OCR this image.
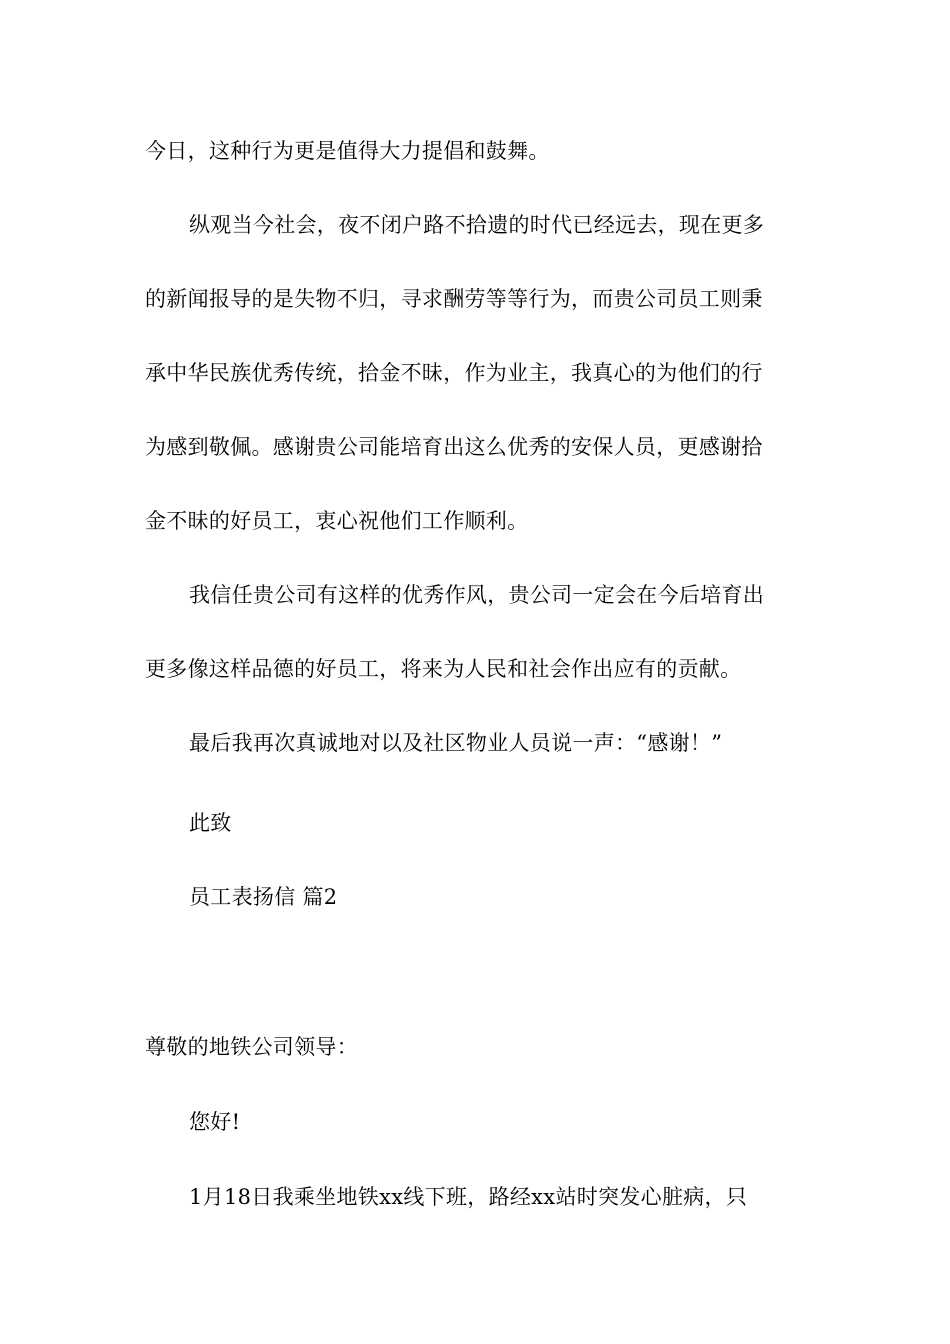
今日，这种行为更是值得大力提倡和鼓舞。
纵观当今社会，夜不闭户路不拾遗的时代已经远去，现在更多
的新闻报导的是失物不归，寻求酬劳等等行为，而贵公司员工则秉
承中华民族优秀传统，拾金不昧，作为业主，我真心的为他们的行
为感到敬佩。感谢贵公司能培育出这么优秀的安保人员，更感谢拾
金不昧的好员工，衷心祝他们工作顺利。
我信任贵公司有这样的优秀作风，贵公司一定会在今后培育出
更多像这样品德的好员工，将来为人民和社会作出应有的贡献。
最后我再次真诚地对以及社区物业人员说一声：“感谢！”
此致
员工表扬信 篇2
尊敬的地铁公司领导：
您好!
1月18日我乘坐地铁xx线下班，路经xx站时突发心脏病，只
